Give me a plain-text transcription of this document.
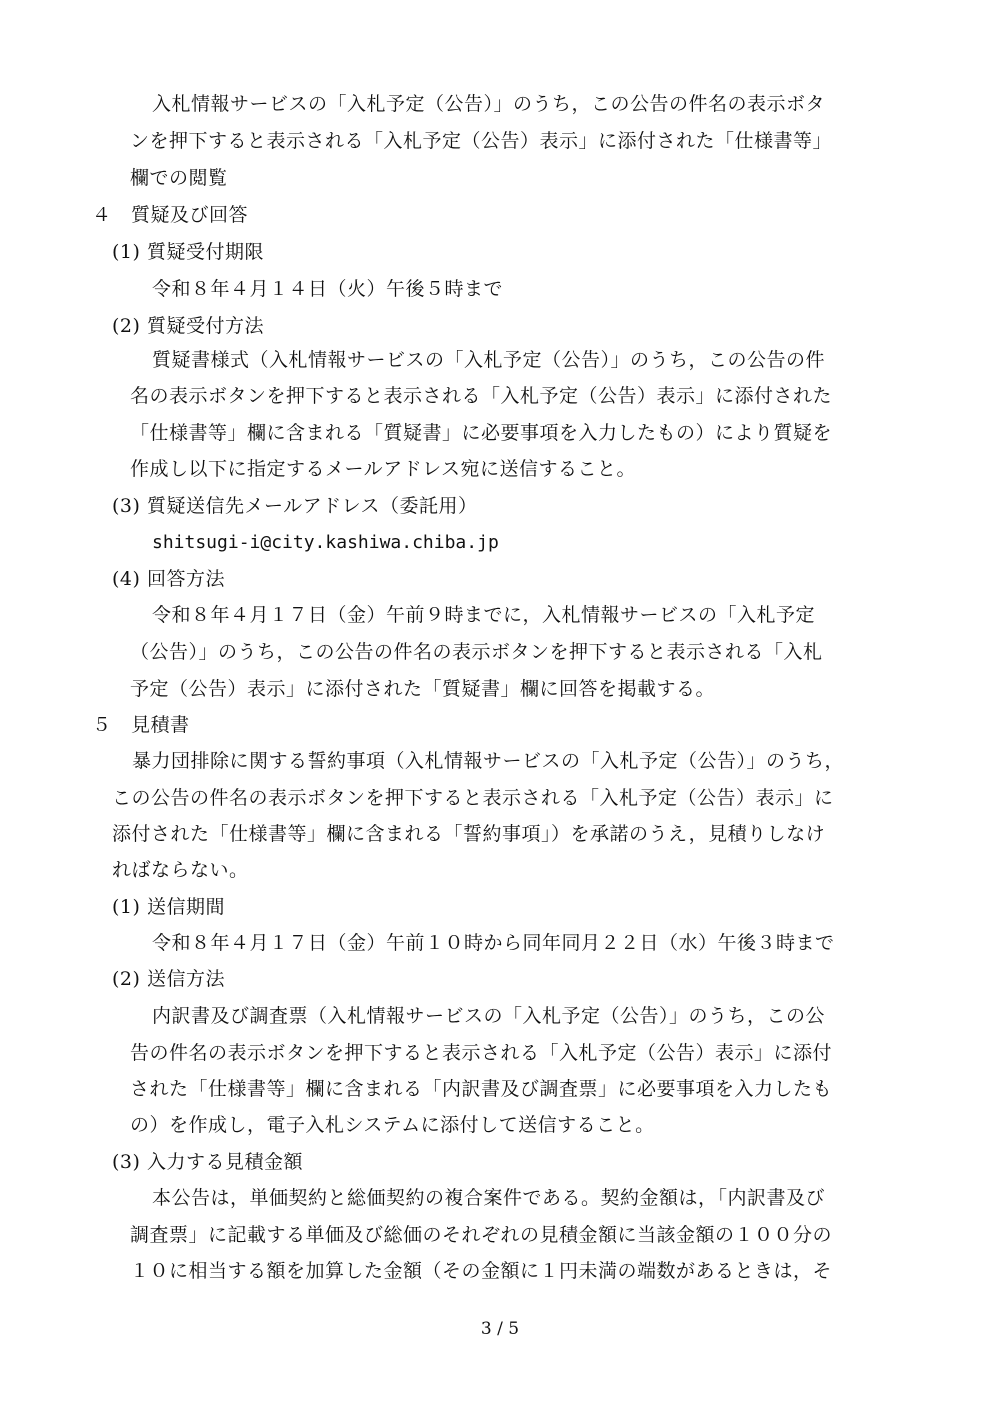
入札情報サービスの「入札予定（公告）」のうち，この公告の件名の表示ボタ
ンを押下すると表示される「入札予定（公告）表示」に添付された「仕様書等」
欄での閲覧
４　質疑及び回答
(1) 質疑受付期限
令和８年４月１４日（火）午後５時まで
(2) 質疑受付方法
質疑書様式（入札情報サービスの「入札予定（公告）」のうち，この公告の件
名の表示ボタンを押下すると表示される「入札予定（公告）表示」に添付された
「仕様書等」欄に含まれる「質疑書」に必要事項を入力したもの）により質疑を
作成し以下に指定するメールアドレス宛に送信すること。
(3) 質疑送信先メールアドレス（委託用）
shitsugi-i@city.kashiwa.chiba.jp
(4) 回答方法
令和８年４月１７日（金）午前９時までに，入札情報サービスの「入札予定
（公告）」のうち，この公告の件名の表示ボタンを押下すると表示される「入札
予定（公告）表示」に添付された「質疑書」欄に回答を掲載する。
５　見積書
暴力団排除に関する誓約事項（入札情報サービスの「入札予定（公告）」のうち，
この公告の件名の表示ボタンを押下すると表示される「入札予定（公告）表示」に
添付された「仕様書等」欄に含まれる「誓約事項」）を承諾のうえ，見積りしなけ
ればならない。
(1) 送信期間
令和８年４月１７日（金）午前１０時から同年同月２２日（水）午後３時まで
(2) 送信方法
内訳書及び調査票（入札情報サービスの「入札予定（公告）」のうち，この公
告の件名の表示ボタンを押下すると表示される「入札予定（公告）表示」に添付
された「仕様書等」欄に含まれる「内訳書及び調査票」に必要事項を入力したも
の）を作成し，電子入札システムに添付して送信すること。
(3) 入力する見積金額
本公告は，単価契約と総価契約の複合案件である。契約金額は，「内訳書及び
調査票」に記載する単価及び総価のそれぞれの見積金額に当該金額の１００分の
１０に相当する額を加算した金額（その金額に１円未満の端数があるときは，そ
3 / 5
